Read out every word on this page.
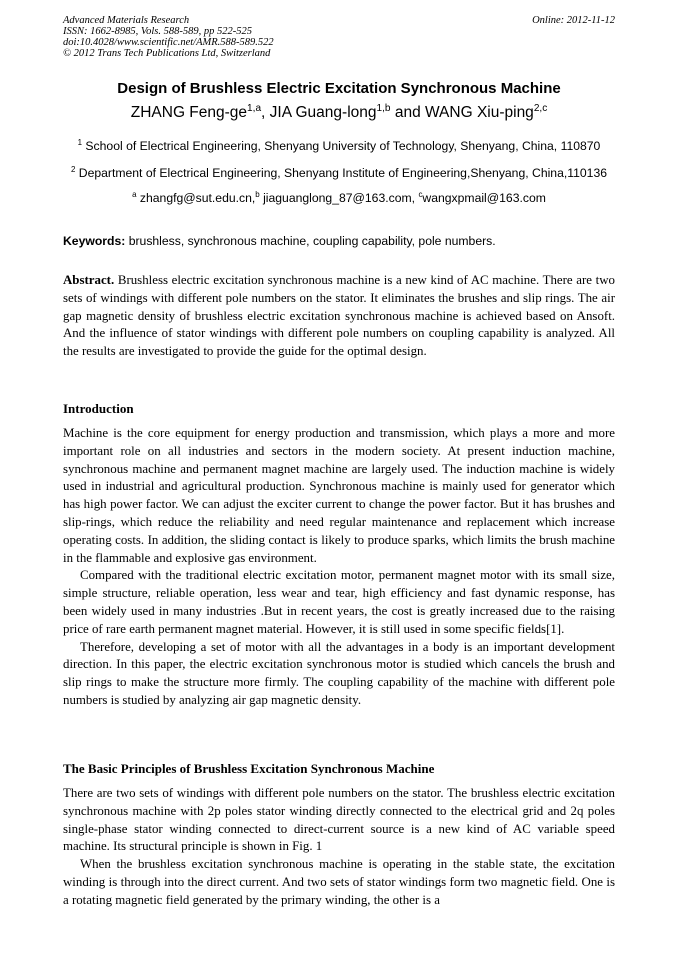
Advanced Materials Research	Online: 2012-11-12
ISSN: 1662-8985, Vols. 588-589, pp 522-525
doi:10.4028/www.scientific.net/AMR.588-589.522
© 2012 Trans Tech Publications Ltd, Switzerland
Design of Brushless Electric Excitation Synchronous Machine
ZHANG Feng-ge$^{1,a}$, JIA Guang-long$^{1,b}$ and WANG Xiu-ping$^{2,c}$
$^1$ School of Electrical Engineering, Shenyang University of Technology, Shenyang, China, 110870
$^2$ Department of Electrical Engineering, Shenyang Institute of Engineering,Shenyang, China,110136
$^a$ zhangfg@sut.edu.cn,$^b$ jiaguanglong_87@163.com, $^c$wangxpmail@163.com
Keywords: brushless, synchronous machine, coupling capability, pole numbers.

Abstract. Brushless electric excitation synchronous machine is a new kind of AC machine. There are two sets of windings with different pole numbers on the stator. It eliminates the brushes and slip rings. The air gap magnetic density of brushless electric excitation synchronous machine is achieved based on Ansoft. And the influence of stator windings with different pole numbers on coupling capability is analyzed. All the results are investigated to provide the guide for the optimal design.

Introduction

Machine is the core equipment for energy production and transmission, which plays a more and more important role on all industries and sectors in the modern society. At present induction machine, synchronous machine and permanent magnet machine are largely used. The induction machine is widely used in industrial and agricultural production. Synchronous machine is mainly used for generator which has high power factor. We can adjust the exciter current to change the power factor. But it has brushes and slip-rings, which reduce the reliability and need regular maintenance and replacement which increase operating costs. In addition, the sliding contact is likely to produce sparks, which limits the brush machine in the flammable and explosive gas environment.

Compared with the traditional electric excitation motor, permanent magnet motor with its small size, simple structure, reliable operation, less wear and tear, high efficiency and fast dynamic response, has been widely used in many industries .But in recent years, the cost is greatly increased due to the raising price of rare earth permanent magnet material. However, it is still used in some specific fields[1].

Therefore, developing a set of motor with all the advantages in a body is an important development direction. In this paper, the electric excitation synchronous motor is studied which cancels the brush and slip rings to make the structure more firmly. The coupling capability of the machine with different pole numbers is studied by analyzing air gap magnetic density.

The Basic Principles of Brushless Excitation Synchronous Machine

There are two sets of windings with different pole numbers on the stator. The brushless electric excitation synchronous machine with 2p poles stator winding directly connected to the electrical grid and 2q poles single-phase stator winding connected to direct-current source is a new kind of AC variable speed machine. Its structural principle is shown in Fig. 1

When the brushless excitation synchronous machine is operating in the stable state, the excitation winding is through into the direct current. And two sets of stator windings form two magnetic field. One is a rotating magnetic field generated by the primary winding, the other is a
